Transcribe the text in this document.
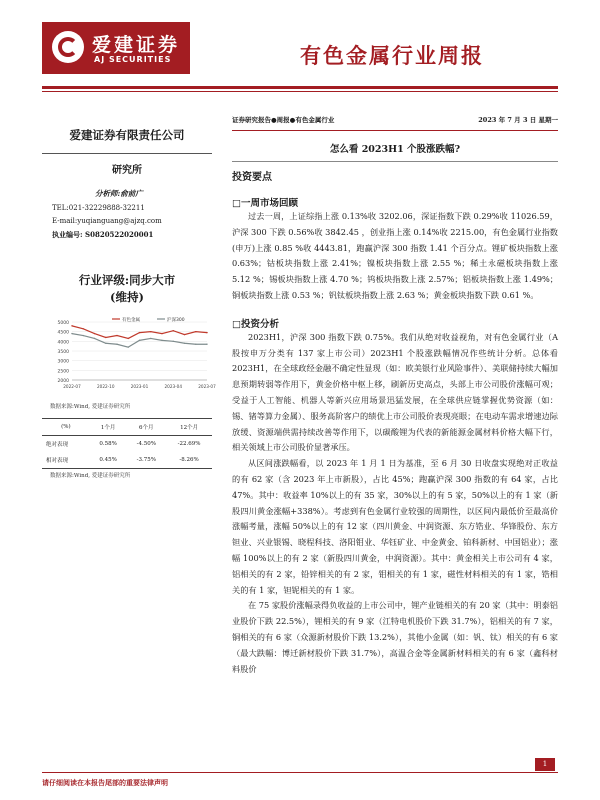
爱建证券
AJ SECURITIES	有色金属行业周报
爱建证券有限责任公司
研究所
分析师:俞前广
TEL:021-32229888-32211
E-mail:yuqianguang@ajzq.com
执业编号: S0820522020001
行业评级:同步大市
(维持)
5000
4500
4000
3500
3000
2500
2000
2022-07	2022-10	2023-01	2023-04	2023-07
有色金属	沪深300
数据来源:Wind, 爱建证券研究所
(%)	1个月	6个月	12个月
绝对表现	0.58%	-4.50%	-22.69%
相对表现	0.45%	-3.75%	-8.26%
数据来源:Wind, 爱建证券研究所
证券研究报告●周报●有色金属行业	2023 年 7 月 3 日 星期一
怎么看 2023H1 个股涨跌幅?
投资要点
□一周市场回顾

过去一周，上证综指上涨 0.13%收 3202.06，深证指数下跌 0.29%收 11026.59，沪深 300 下跌 0.56%收 3842.45 ，创业指上涨 0.14%收 2215.00，有色金属行业指数(申万)上涨 0.85 %收 4443.81，跑赢沪深 300 指数 1.41 个百分点。锂矿板块指数上涨 0.63%；钴板块指数上涨 2.41%；镍板块指数上涨 2.55 %；稀土永磁板块指数上涨 5.12 %；锡板块指数上涨 4.70 %；钨板块指数上涨 2.57%；铝板块指数上涨 1.49%；铜板块指数上涨 0.53 %；钒钛板块指数上涨 2.63 %；黄金板块指数下跌 0.61 %。

□投资分析

2023H1，沪深 300 指数下跌 0.75%。我们从绝对收益视角，对有色金属行业（A 股按申万分类有 137 家上市公司）2023H1 个股涨跌幅情况作些统计分析。总体看 2023H1，在全球政经金融不确定性显现（如：欧美银行业风险事件）、美联储持续大幅加息预期转弱等作用下，黄金价格中枢上移，刷新历史高点，头部上市公司股价涨幅可观；受益于人工智能、机器人等新兴应用场景迅猛发展，在全球供应链掌握优势资源（如：锡、锗等算力金属）、服务高阶客户的绩优上市公司股价表现亮眼；在电动车需求增速边际放缓、资源端供需持续改善等作用下，以碳酸锂为代表的新能源金属材料价格大幅下行，相关领域上市公司股价显著承压。

从区间涨跌幅看，以 2023 年 1 月 1 日为基准，至 6 月 30 日收盘实现绝对正收益的有 62 家（含 2023 年上市新股），占比 45%；跑赢沪深 300 指数的有 64 家，占比 47%。其中：收益率 10%以上的有 35 家，30%以上的有 5 家，50%以上的有 1 家（新股四川黄金涨幅+338%）。考虑到有色金属行业较强的周期性，以区间内最低价至最高价涨幅考量，涨幅 50%以上的有 12 家（四川黄金、中润资源、东方锆业、华锋股份、东方钽业、兴业银锡、晓程科技、洛阳钼业、华钰矿业、中金黄金、铂科新材、中国铝业）；涨幅 100%以上的有 2 家（新股四川黄金，中润资源）。其中：黄金相关上市公司有 4 家，铝相关的有 2 家，铅锌相关的有 2 家，钼相关的有 1 家，磁性材料相关的有 1 家，锆相关的有 1 家，钽铌相关的有 1 家。

在 75 家股价涨幅录得负收益的上市公司中，锂产业链相关的有 20 家（其中：明泰铝业股价下跌 22.5%），锂相关的有 9 家（江特电机股价下跌 31.7%），铝相关的有 7 家，铜相关的有 6 家（众源新材股价下跌 13.2%），其他小金属（如：钒、钛）相关的有 6 家（最大跌幅：博迁新材股价下跌 31.7%），高温合金等金属新材料相关的有 6 家（鑫科材料股价

1
请仔细阅读在本报告尾部的重要法律声明
